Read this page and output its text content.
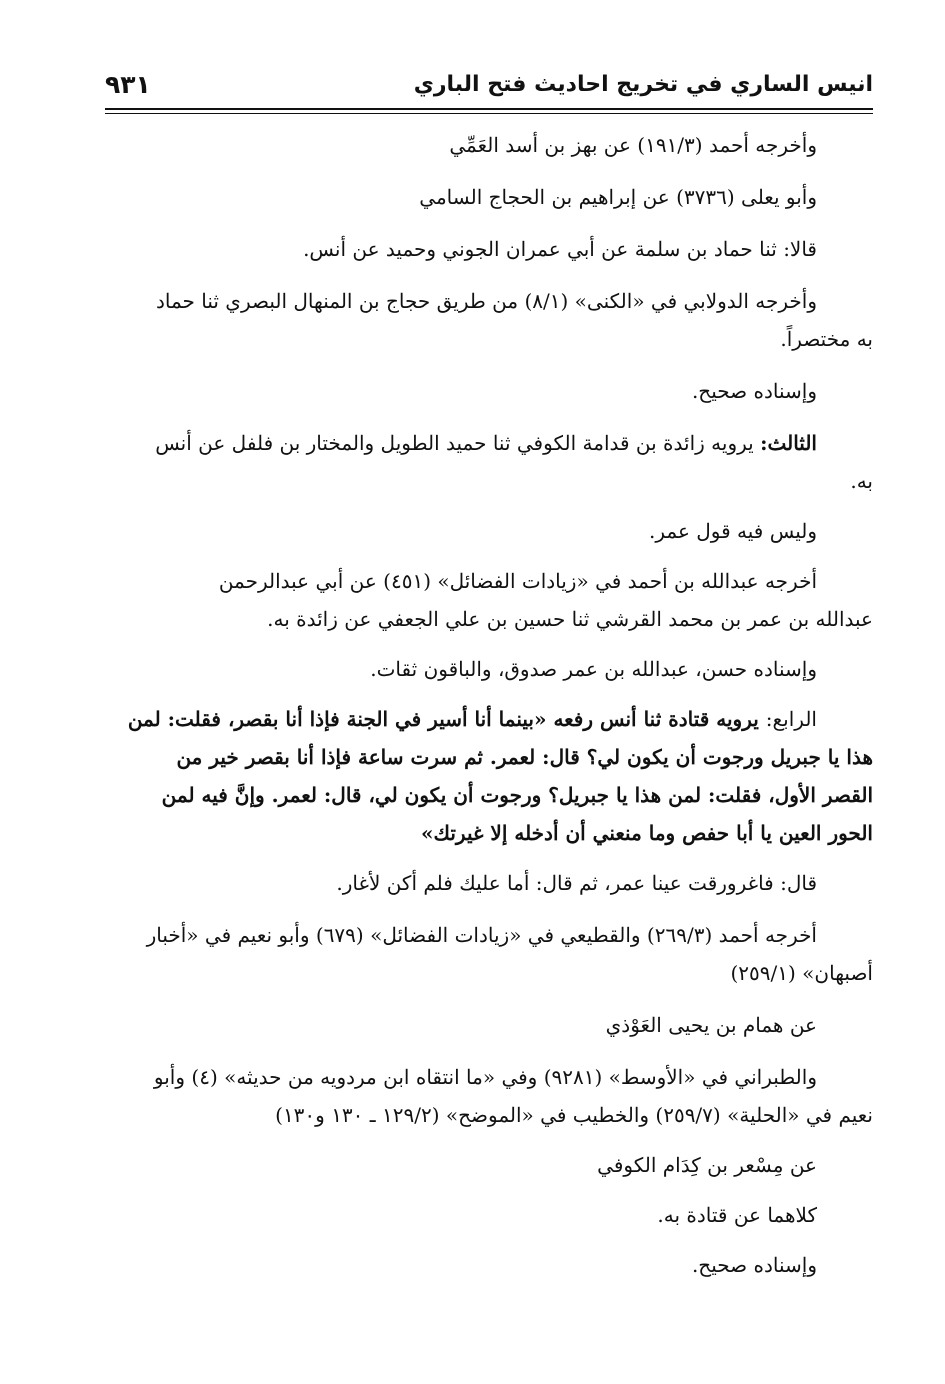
انيس الساري في تخريج احاديث فتح الباري
٩٣١

وأخرجه أحمد (١٩١/٣) عن بهز بن أسد العَمِّي

وأبو يعلى (٣٧٣٦) عن إبراهيم بن الحجاج السامي

قالا: ثنا حماد بن سلمة عن أبي عمران الجوني وحميد عن أنس.

وأخرجه الدولابي في «الكنى» (٨/١) من طريق حجاج بن المنهال البصري ثنا حماد

به مختصراً.

وإسناده صحيح.

الثالث: يرويه زائدة بن قدامة الكوفي ثنا حميد الطويل والمختار بن فلفل عن أنس

به.

وليس فيه قول عمر.

أخرجه عبدالله بن أحمد في «زيادات الفضائل» (٤٥١) عن أبي عبدالرحمن

عبدالله بن عمر بن محمد القرشي ثنا حسين بن علي الجعفي عن زائدة به.

وإسناده حسن، عبدالله بن عمر صدوق، والباقون ثقات.

الرابع: يرويه قتادة ثنا أنس رفعه «بينما أنا أسير في الجنة فإذا أنا بقصر، فقلت: لمن

هذا يا جبريل ورجوت أن يكون لي؟ قال: لعمر. ثم سرت ساعة فإذا أنا بقصر خير من

القصر الأول، فقلت: لمن هذا يا جبريل؟ ورجوت أن يكون لي، قال: لعمر. وإنَّ فيه لمن

الحور العين يا أبا حفص وما منعني أن أدخله إلا غيرتك»

قال: فاغرورقت عينا عمر، ثم قال: أما عليك فلم أكن لأغار.

أخرجه أحمد (٢٦٩/٣) والقطيعي في «زيادات الفضائل» (٦٧٩) وأبو نعيم في «أخبار

أصبهان» (٢٥٩/١)

عن همام بن يحيى العَوْذي

والطبراني في «الأوسط» (٩٢٨١) وفي «ما انتقاه ابن مردويه من حديثه» (٤) وأبو

نعيم في «الحلية» (٢٥٩/٧) والخطيب في «الموضح» (١٢٩/٢ ـ ١٣٠ و١٣٠)

عن مِسْعر بن كِدَام الكوفي

كلاهما عن قتادة به.

وإسناده صحيح.
